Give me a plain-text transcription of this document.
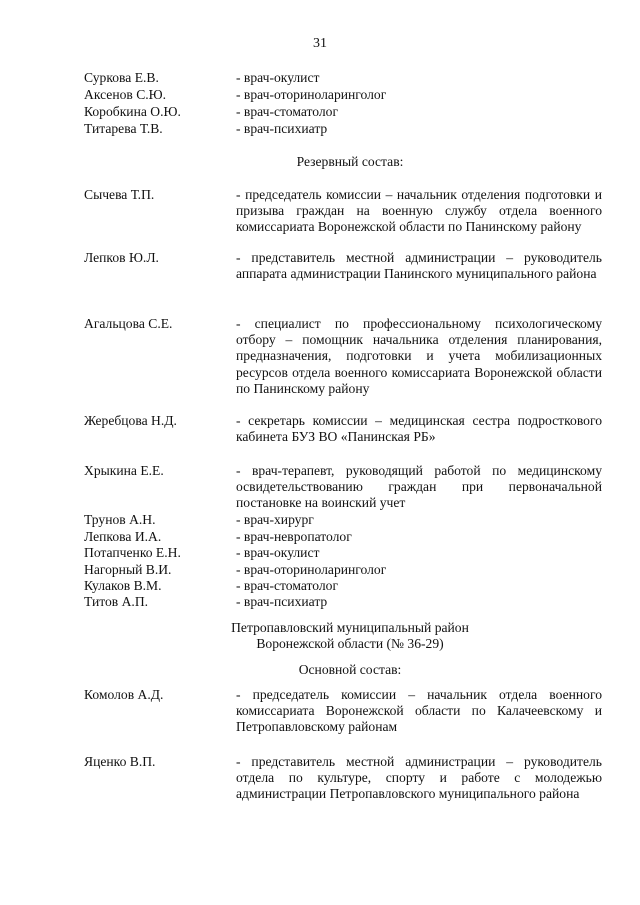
31
Суркова Е.В.	- врач-окулист
Аксенов С.Ю.	- врач-оториноларинголог
Коробкина О.Ю.	- врач-стоматолог
Титарева Т.В.	- врач-психиатр
Резервный состав:
Сычева Т.П.	- председатель комиссии – начальник отделения подготовки и призыва граждан на военную службу отдела военного комиссариата Воронежской области по Панинскому району
Лепков Ю.Л.	- представитель местной администрации – руководитель аппарата администрации Панинского муниципального района
Агальцова С.Е.	- специалист по профессиональному психологическому отбору – помощник начальника отделения планирования, предназначения, подготовки и учета мобилизационных ресурсов отдела военного комиссариата Воронежской области по Панинскому району
Жеребцова Н.Д.	- секретарь комиссии – медицинская сестра подросткового кабинета БУЗ ВО «Панинская РБ»
Хрыкина Е.Е.	- врач-терапевт, руководящий работой по медицинскому освидетельствованию граждан при первоначальной постановке на воинский учет
Трунов А.Н.	- врач-хирург
Лепкова И.А.	- врач-невропатолог
Потапченко Е.Н.	- врач-окулист
Нагорный В.И.	- врач-оториноларинголог
Кулаков В.М.	- врач-стоматолог
Титов А.П.	- врач-психиатр
Петропавловский муниципальный район
Воронежской области (№ 36-29)
Основной состав:
Комолов А.Д.	- председатель комиссии – начальник отдела военного комиссариата Воронежской области по Калачеевскому и Петропавловскому районам
Яценко В.П.	- представитель местной администрации – руководитель отдела по культуре, спорту и работе с молодежью администрации Петропавловского муниципального района
